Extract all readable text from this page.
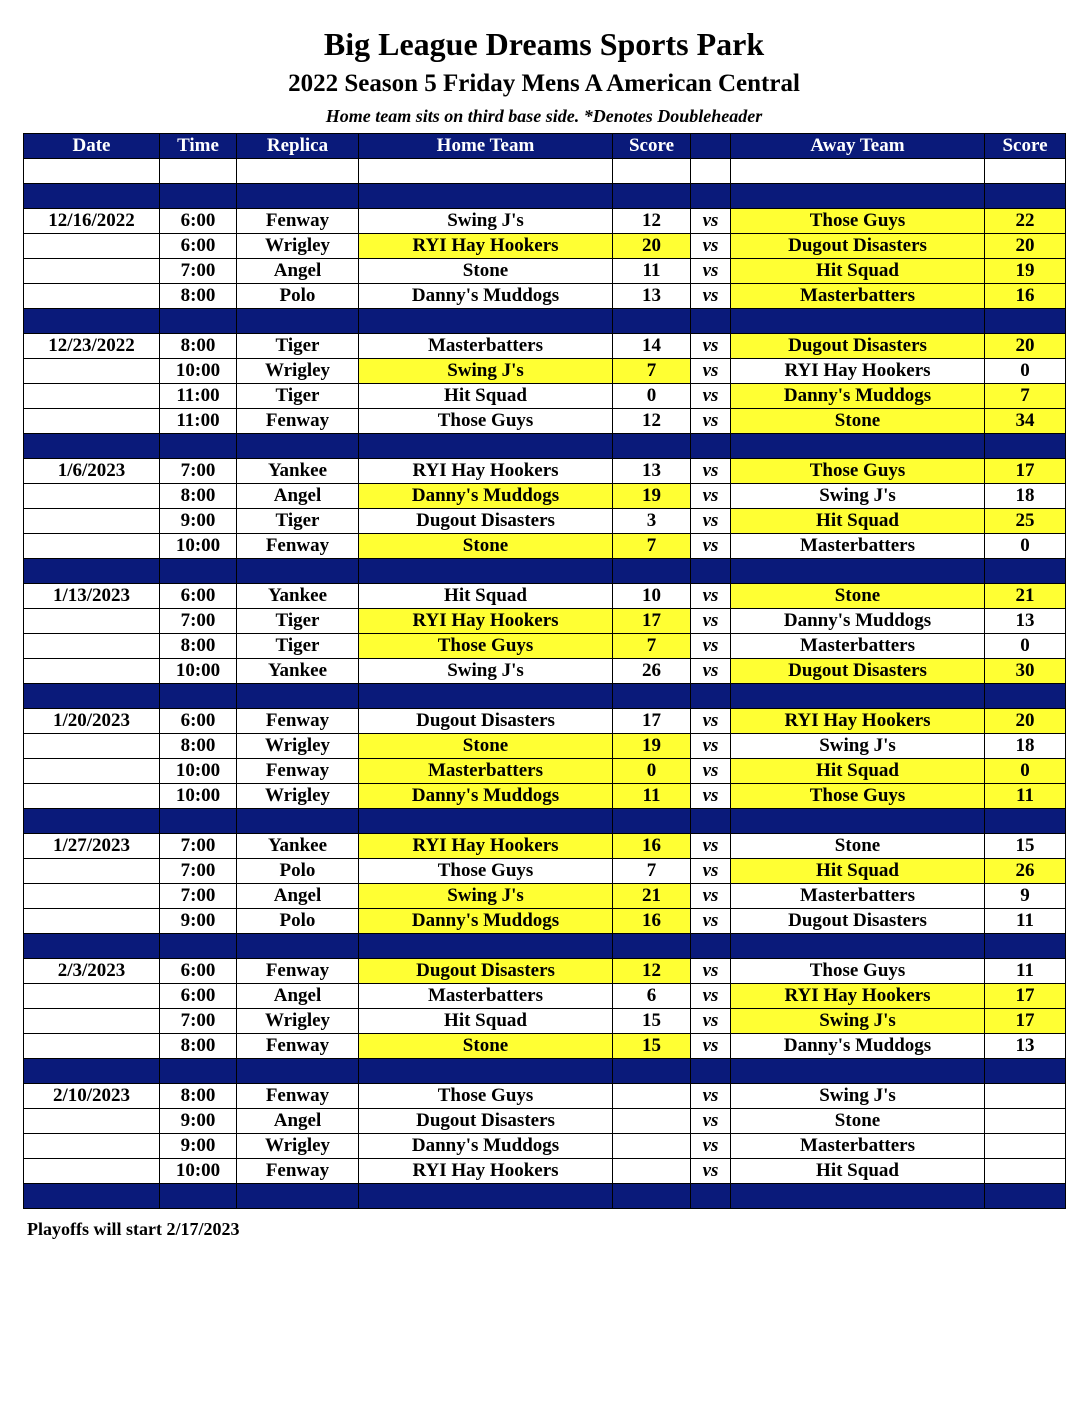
Big League Dreams Sports Park
2022 Season 5 Friday Mens A American Central
Home team sits on third base side. *Denotes Doubleheader
Date	Time	Replica	Home Team	Score		Away Team	Score

12/16/2022	6:00	Fenway	Swing J's	12	vs	Those Guys	22
	6:00	Wrigley	RYI Hay Hookers	20	vs	Dugout Disasters	20
	7:00	Angel	Stone	11	vs	Hit Squad	19
	8:00	Polo	Danny's Muddogs	13	vs	Masterbatters	16

12/23/2022	8:00	Tiger	Masterbatters	14	vs	Dugout Disasters	20
	10:00	Wrigley	Swing J's	7	vs	RYI Hay Hookers	0
	11:00	Tiger	Hit Squad	0	vs	Danny's Muddogs	7
	11:00	Fenway	Those Guys	12	vs	Stone	34

1/6/2023	7:00	Yankee	RYI Hay Hookers	13	vs	Those Guys	17
	8:00	Angel	Danny's Muddogs	19	vs	Swing J's	18
	9:00	Tiger	Dugout Disasters	3	vs	Hit Squad	25
	10:00	Fenway	Stone	7	vs	Masterbatters	0

1/13/2023	6:00	Yankee	Hit Squad	10	vs	Stone	21
	7:00	Tiger	RYI Hay Hookers	17	vs	Danny's Muddogs	13
	8:00	Tiger	Those Guys	7	vs	Masterbatters	0
	10:00	Yankee	Swing J's	26	vs	Dugout Disasters	30

1/20/2023	6:00	Fenway	Dugout Disasters	17	vs	RYI Hay Hookers	20
	8:00	Wrigley	Stone	19	vs	Swing J's	18
	10:00	Fenway	Masterbatters	0	vs	Hit Squad	0
	10:00	Wrigley	Danny's Muddogs	11	vs	Those Guys	11

1/27/2023	7:00	Yankee	RYI Hay Hookers	16	vs	Stone	15
	7:00	Polo	Those Guys	7	vs	Hit Squad	26
	7:00	Angel	Swing J's	21	vs	Masterbatters	9
	9:00	Polo	Danny's Muddogs	16	vs	Dugout Disasters	11

2/3/2023	6:00	Fenway	Dugout Disasters	12	vs	Those Guys	11
	6:00	Angel	Masterbatters	6	vs	RYI Hay Hookers	17
	7:00	Wrigley	Hit Squad	15	vs	Swing J's	17
	8:00	Fenway	Stone	15	vs	Danny's Muddogs	13

2/10/2023	8:00	Fenway	Those Guys		vs	Swing J's	
	9:00	Angel	Dugout Disasters		vs	Stone	
	9:00	Wrigley	Danny's Muddogs		vs	Masterbatters	
	10:00	Fenway	RYI Hay Hookers		vs	Hit Squad	

Playoffs will start 2/17/2023
